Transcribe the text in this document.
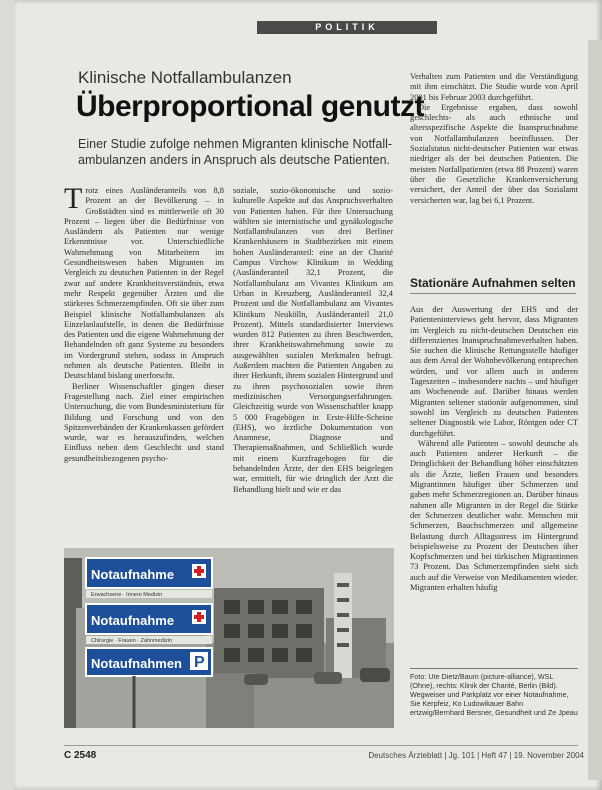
POLITIK
Klinische Notfallambulanzen
Überproportional genutzt
Einer Studie zufolge nehmen Migranten klinische Notfall-ambulanzen anders in Anspruch als deutsche Patienten.

Trotz eines Ausländeranteils von 8,8 Prozent an der Bevölkerung – in Großstädten sind es mittlerweile oft 30 Prozent – liegen über die Bedürfnisse von Ausländern als Patienten nur wenige Erkenntnisse vor. Unterschiedliche Wahrnehmung von Mitarbeitern im Gesundheitswesen haben Migranten im Vergleich zu deutschen Patienten in der Regel zwar auf andere Krankheitsverständnis, etwa mehr Respekt gegenüber Ärzten und die stärkeres Schmerzempfinden. Oft sie über zum Beispiel klinische Notfallambulanzen als Einzelanlaufstelle, in denen die Bedürfnisse des Patienten und die eigene Wahrnehmung der Behandelnden oft ganz Systeme zu besonders im Vordergrund stehen, sodass in Anspruch nehmen als deutsche Patienten. Bleibt in Deutschland bislang unerforscht.

Berliner Wissenschaftler gingen dieser Fragestellung nach. Ziel einer empirischen Untersuchung, die vom Bundesministerium für Bildung und Forschung und von den Spitzenverbänden der Krankenkassen gefördert wurde, war es herauszufinden, welchen Einfluss neben dem Geschlecht und stand gesundheitsbezogenen psycho-

soziale, sozio-ökonomische und sozio-kulturelle Aspekte auf das Anspruchsverhalten von Patienten haben. Für ihre Untersuchung wählten sie internistische und gynäkologische Notfallambulanzen von drei Berliner Krankenhäusern in Stadtbezirken mit einem hohen Ausländeranteil: eine an der Charité Campus Virchow Klinikum in Wedding (Ausländeranteil 32,1 Prozent, die Notfallambulanz am Vivantes Klinikum am Urban in Kreuzberg, Ausländeranteil 32,4 Prozent und die Notfallambulanz am Vivantes Klinikum Neukölln, Ausländeranteil 21,0 Prozent). Mittels standardisierter Interviews wurden 812 Patienten zu ihren Beschwerden, ihrer Krankheitswahrnehmung sowie zu ausgewählten sozialen Merkmalen befragt. Außerdem machten die Patienten Angaben zu ihrer Herkunft, ihrem sozialen Hintergrund und zu ihren psychosozialen sowie ihren medizinischen Versorgungserfahrungen. Gleichzeitig wurde von Wissenschaftler knapp 5 000 Fragebögen in Erste-Hilfe-Scheine (EHS), wo ärztliche Dokumentation von Anamnese, Diagnose und Therapiemaßnahmen, und Schließlich wurde mit einem Kurzfragebogen für die behandelnden Ärzte, der den EHS beigelegen war, ermittelt, für wie dringlich der Arzt die Behandlung hielt und wie er das

Verhalten zum Patienten und die Verständigung mit ihm einschätzt. Die Studie wurde von April 2001 bis Februar 2003 durchgeführt.

Die Ergebnisse ergaben, dass sowohl geschlechts- als auch ethnische und altersspezifische Aspekte die Inanspruchnahme von Notfallambulanzen beeinflussen. Der Sozialstatus nicht-deutscher Patienten war etwas niedriger als der bei deutschen Patienten. Die meisten Notfallpatienten (etwa 88 Prozent) waren über die Gesetzliche Krankenversicherung versichert, der Anteil der über das Sozialamt versicherten war, lag bei 6,1 Prozent.

Stationäre Aufnahmen selten

Aus der Auswertung der EHS und der Patienteninterviews geht hervor, dass Migranten im Vergleich zu nicht-deutschen Deutschen ein differenziertes Inanspruchnahmeverhalten haben. Sie suchen die klinische Rettungsstelle häufiger aus dem Areal der Wohnbevölkerung entsprechen würden, und vor allem auch in anderen Tageszeiten – insbesondere nachts – und häufiger am Wochenende auf. Darüber hinaus werden Migranten seltener stationär aufgenommen, sind sowohl im Vergleich zu deutschen Patienten seltener Diagnostik wie Labor, Röntgen oder CT durchgeführt.

Während alle Patienten – sowohl deutsche als auch Patienten anderer Herkunft – die Dringlichkeit der Behandlung höher einschätzten als die Ärzte, ließen Frauen und besonders Migrantinnen häufiger über Schmerzen und gaben mehr Schmerzregionen an. Darüber hinaus nahmen alle Migranten in der Regel die Stärke der Schmerzen deutlicher wahr. Menschen mit Schmerzen, Bauchschmerzen und allgemeine Belastung durch Alltagsstress im Hintergrund beispielsweise zu Prozent der Deutschen über Kopfschmerzen und bei türkischen Migrantinnen 73 Prozent. Das Schmerzempfinden sieht sich auch auf die Verweise von Medikamenten wieder. Migranten erhalten häufig

P
Notaufnahme
Erwachsene · Innere Medizin
Notaufnahme
Chirurgie · Frauen · Zahnmedizin
Notaufnahmen
Foto: Ute Dietz/Baum (picture-alliance), WSL (Ohne), rechts: Klinik der Charité, Berlin (Bild). Wegweiser und Parkplatz vor einer Notaufnahme, Sie Kerpfeiz, Ko Ludowikauer Bahn ertzwig/Bernhard Bersner, Gesundheit und Ze Jpeau
C 2548	Deutsches Ärzteblatt | Jg. 101 | Heft 47 | 19. November 2004
